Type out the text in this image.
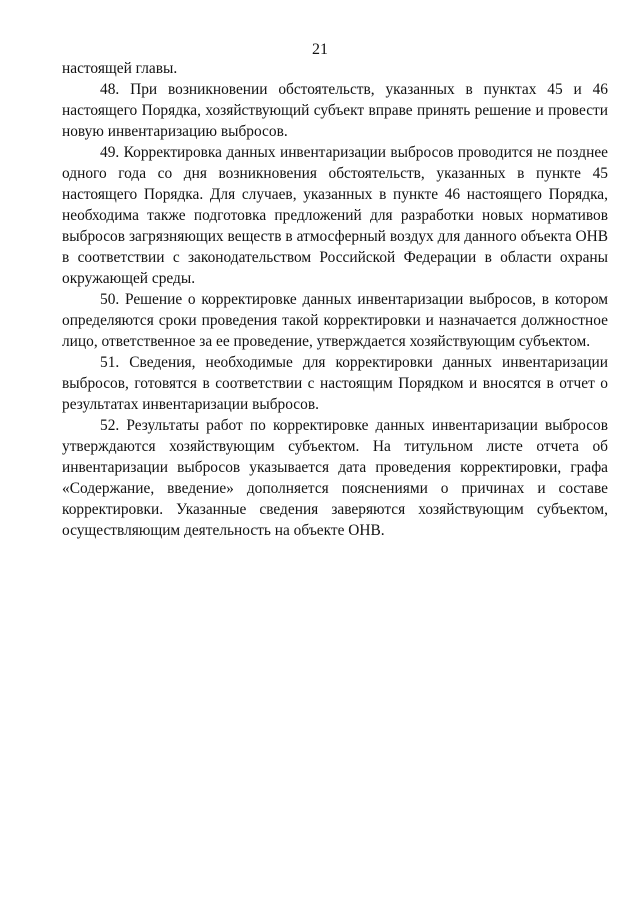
21

настоящей главы.

48. При возникновении обстоятельств, указанных в пунктах 45 и 46 настоящего Порядка, хозяйствующий субъект вправе принять решение и провести новую инвентаризацию выбросов.

49. Корректировка данных инвентаризации выбросов проводится не позднее одного года со дня возникновения обстоятельств, указанных в пункте 45 настоящего Порядка. Для случаев, указанных в пункте 46 настоящего Порядка, необходима также подготовка предложений для разработки новых нормативов выбросов загрязняющих веществ в атмосферный воздух для данного объекта ОНВ в соответствии с законодательством Российской Федерации в области охраны окружающей среды.

50. Решение о корректировке данных инвентаризации выбросов, в котором определяются сроки проведения такой корректировки и назначается должностное лицо, ответственное за ее проведение, утверждается хозяйствующим субъектом.

51. Сведения, необходимые для корректировки данных инвентаризации выбросов, готовятся в соответствии с настоящим Порядком и вносятся в отчет о результатах инвентаризации выбросов.

52. Результаты работ по корректировке данных инвентаризации выбросов утверждаются хозяйствующим субъектом. На титульном листе отчета об инвентаризации выбросов указывается дата проведения корректировки, графа «Содержание, введение» дополняется пояснениями о причинах и составе корректировки. Указанные сведения заверяются хозяйствующим субъектом, осуществляющим деятельность на объекте ОНВ.
